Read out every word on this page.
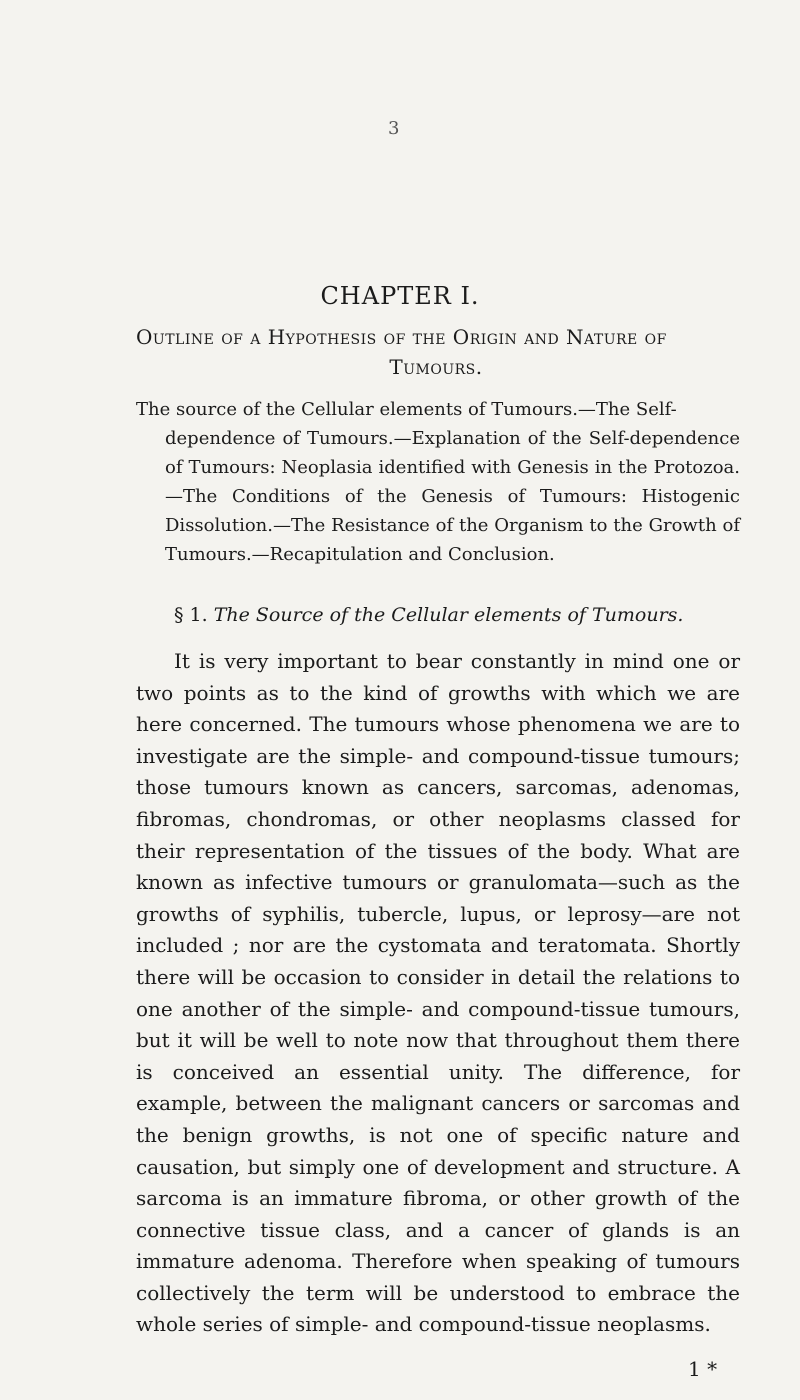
3
CHAPTER I.
Outline of a Hypothesis of the Origin and Nature of
Tumours.
The source of the Cellular elements of Tumours.—The Self-
dependence of Tumours.—Explanation of the Self-dependence of Tumours: Neoplasia identified with Genesis in the Protozoa. —The Conditions of the Genesis of Tumours: Histogenic Dissolution.—The Resistance of the Organism to the Growth of Tumours.—Recapitulation and Conclusion.
§ 1. The Source of the Cellular elements of Tumours.

It is very important to bear constantly in mind one or two points as to the kind of growths with which we are here concerned. The tumours whose phenomena we are to investigate are the simple- and compound-tissue tumours; those tumours known as cancers, sarcomas, adenomas, fibromas, chondromas, or other neoplasms classed for their representation of the tissues of the body. What are known as infective tumours or granulomata—such as the growths of syphilis, tubercle, lupus, or leprosy—are not included ; nor are the cystomata and teratomata. Shortly there will be occasion to consider in detail the relations to one another of the simple- and compound-tissue tumours, but it will be well to note now that throughout them there is conceived an essential unity. The difference, for example, between the malignant cancers or sarcomas and the benign growths, is not one of specific nature and causation, but simply one of development and structure. A sarcoma is an immature fibroma, or other growth of the connective tissue class, and a cancer of glands is an immature adenoma. Therefore when speaking of tumours collectively the term will be understood to embrace the whole series of simple- and compound-tissue neoplasms.

1 *
